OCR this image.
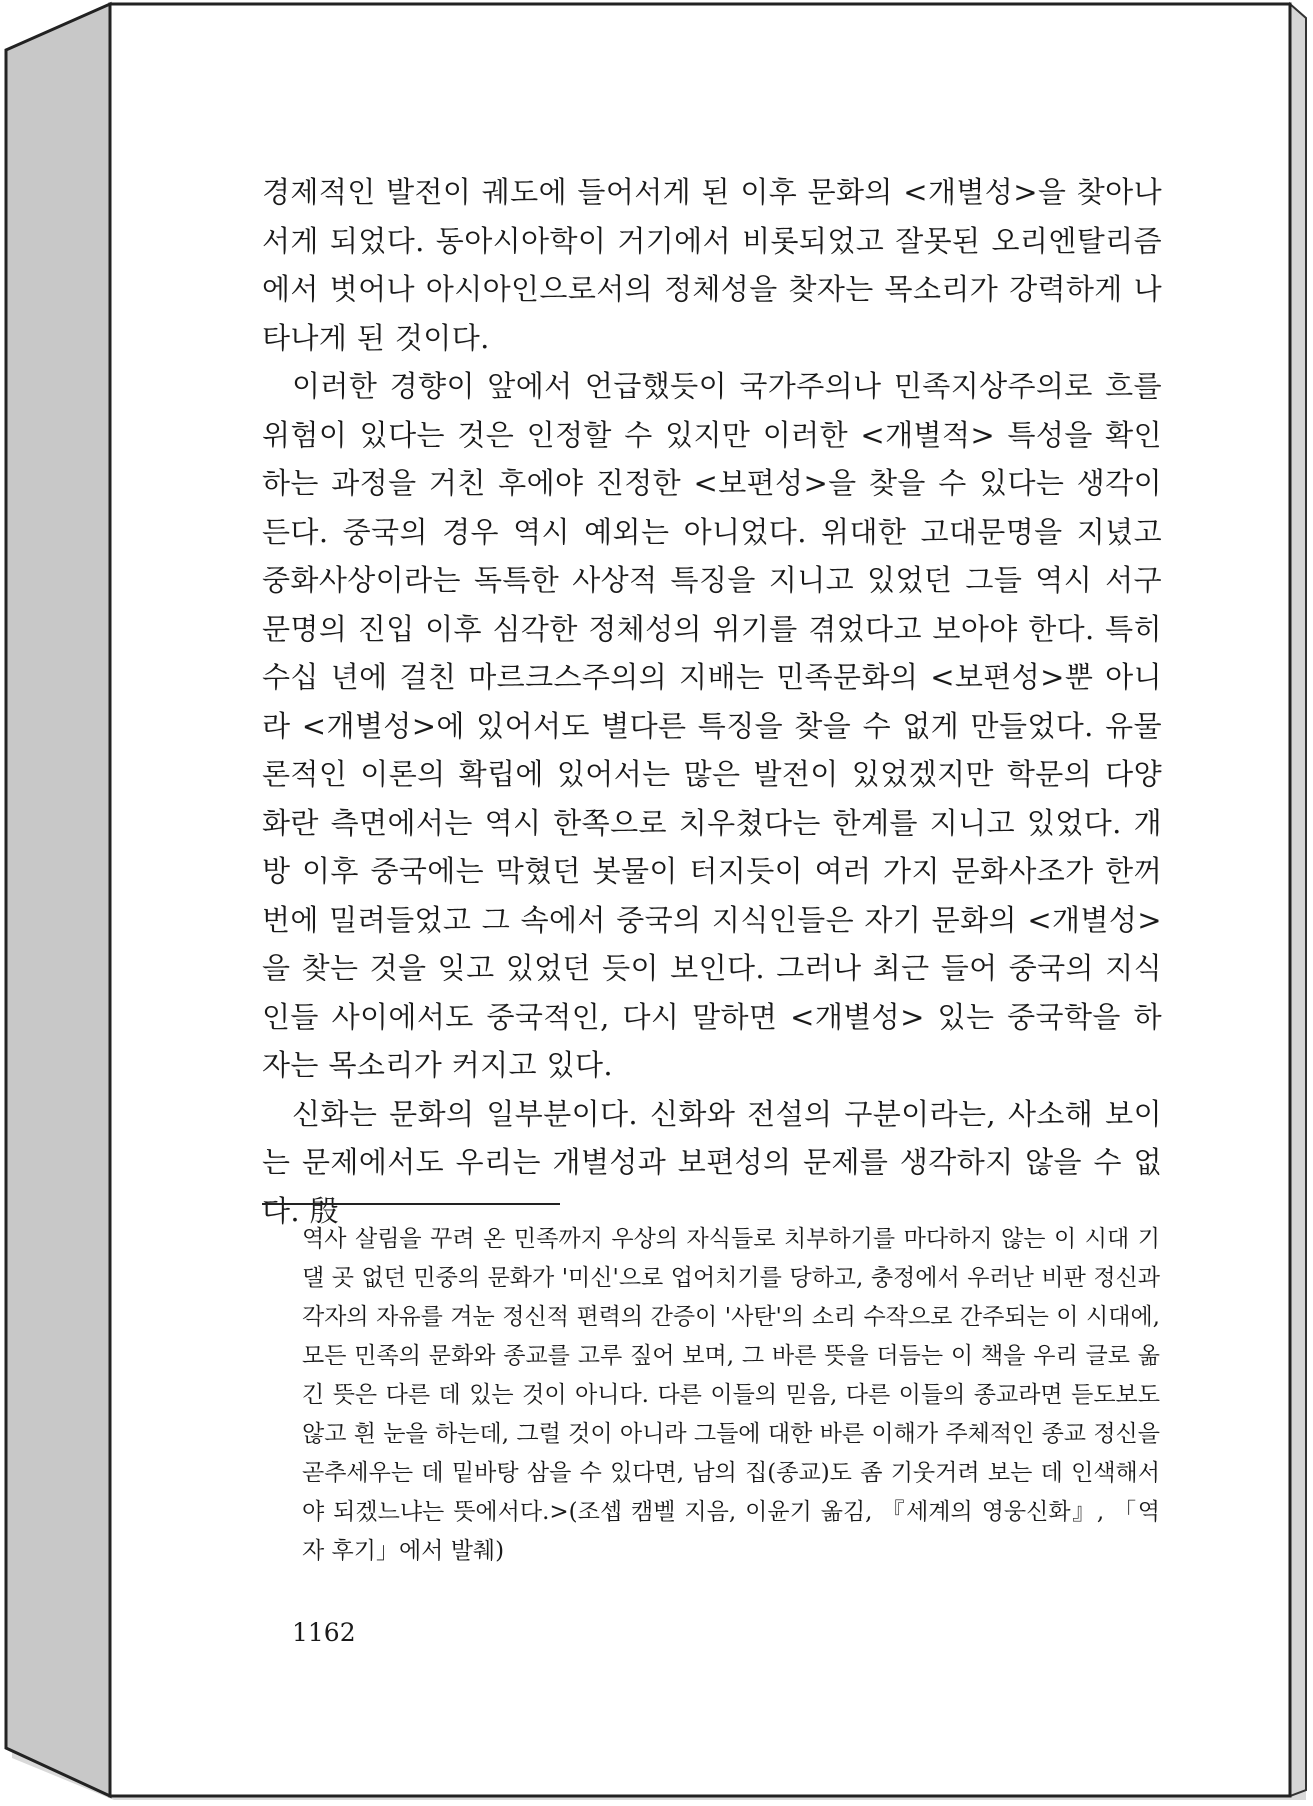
경제적인 발전이 궤도에 들어서게 된 이후 문화의 <개별성>을 찾아나서게 되었다. 동아시아학이 거기에서 비롯되었고 잘못된 오리엔탈리즘에서 벗어나 아시아인으로서의 정체성을 찾자는 목소리가 강력하게 나타나게 된 것이다.

이러한 경향이 앞에서 언급했듯이 국가주의나 민족지상주의로 흐를 위험이 있다는 것은 인정할 수 있지만 이러한 <개별적> 특성을 확인하는 과정을 거친 후에야 진정한 <보편성>을 찾을 수 있다는 생각이 든다. 중국의 경우 역시 예외는 아니었다. 위대한 고대문명을 지녔고 중화사상이라는 독특한 사상적 특징을 지니고 있었던 그들 역시 서구문명의 진입 이후 심각한 정체성의 위기를 겪었다고 보아야 한다. 특히 수십 년에 걸친 마르크스주의의 지배는 민족문화의 <보편성>뿐 아니라 <개별성>에 있어서도 별다른 특징을 찾을 수 없게 만들었다. 유물론적인 이론의 확립에 있어서는 많은 발전이 있었겠지만 학문의 다양화란 측면에서는 역시 한쪽으로 치우쳤다는 한계를 지니고 있었다. 개방 이후 중국에는 막혔던 봇물이 터지듯이 여러 가지 문화사조가 한꺼번에 밀려들었고 그 속에서 중국의 지식인들은 자기 문화의 <개별성>을 찾는 것을 잊고 있었던 듯이 보인다. 그러나 최근 들어 중국의 지식인들 사이에서도 중국적인, 다시 말하면 <개별성> 있는 중국학을 하자는 목소리가 커지고 있다.

신화는 문화의 일부분이다. 신화와 전설의 구분이라는, 사소해 보이는 문제에서도 우리는 개별성과 보편성의 문제를 생각하지 않을 수 없다. 殷

역사 살림을 꾸려 온 민족까지 우상의 자식들로 치부하기를 마다하지 않는 이 시대 기댈 곳 없던 민중의 문화가 '미신'으로 업어치기를 당하고, 충정에서 우러난 비판 정신과 각자의 자유를 겨눈 정신적 편력의 간증이 '사탄'의 소리 수작으로 간주되는 이 시대에, 모든 민족의 문화와 종교를 고루 짚어 보며, 그 바른 뜻을 더듬는 이 책을 우리 글로 옮긴 뜻은 다른 데 있는 것이 아니다. 다른 이들의 믿음, 다른 이들의 종교라면 듣도보도 않고 흰 눈을 하는데, 그럴 것이 아니라 그들에 대한 바른 이해가 주체적인 종교 정신을 곧추세우는 데 밑바탕 삼을 수 있다면, 남의 집(종교)도 좀 기웃거려 보는 데 인색해서야 되겠느냐는 뜻에서다.>(조셉 캠벨 지음, 이윤기 옮김, 『세계의 영웅신화』, 「역자 후기」에서 발췌)

1162
